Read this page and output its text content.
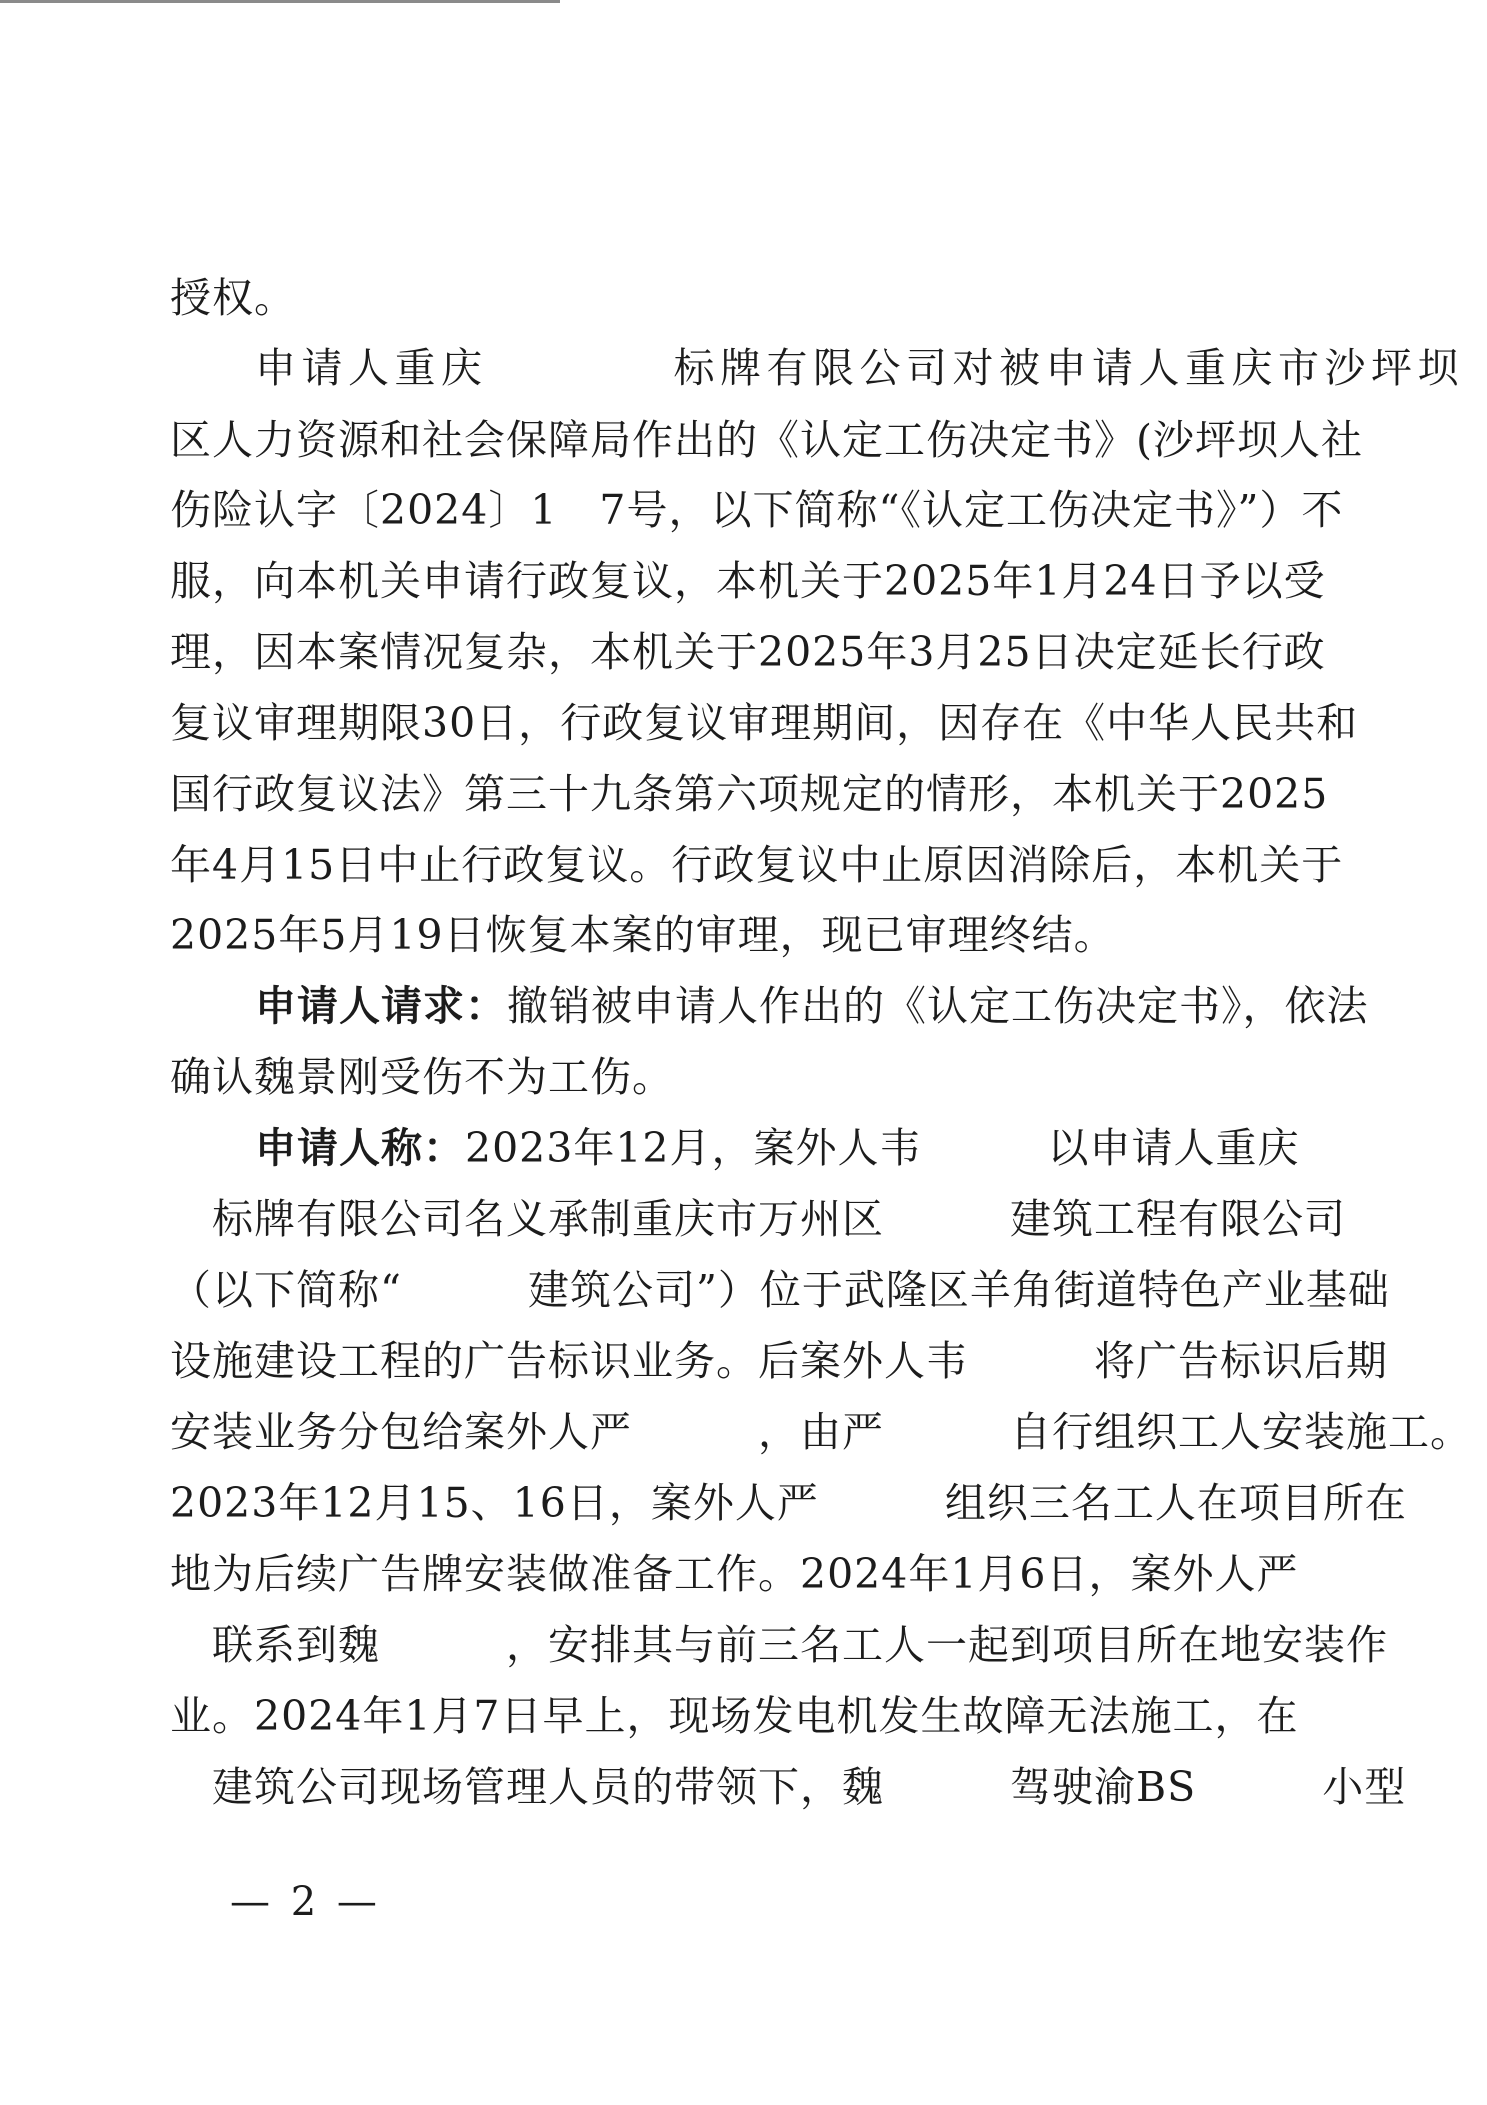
授权。
申请人重庆　　　　标牌有限公司对被申请人重庆市沙坪坝
区人力资源和社会保障局作出的《认定工伤决定书》(沙坪坝人社
伤险认字〔2024〕1　7号，以下简称“《认定工伤决定书》”）不
服，向本机关申请行政复议，本机关于2025年1月24日予以受
理，因本案情况复杂，本机关于2025年3月25日决定延长行政
复议审理期限30日，行政复议审理期间，因存在《中华人民共和
国行政复议法》第三十九条第六项规定的情形，本机关于2025
年4月15日中止行政复议。行政复议中止原因消除后，本机关于
2025年5月19日恢复本案的审理，现已审理终结。
申请人请求：撤销被申请人作出的《认定工伤决定书》，依法
确认魏景刚受伤不为工伤。
申请人称：2023年12月，案外人韦　　　以申请人重庆
　标牌有限公司名义承制重庆市万州区　　　建筑工程有限公司
（以下简称“　　　建筑公司”）位于武隆区羊角街道特色产业基础
设施建设工程的广告标识业务。后案外人韦　　　将广告标识后期
安装业务分包给案外人严　　　，由严　　　自行组织工人安装施工。
2023年12月15、16日，案外人严　　　组织三名工人在项目所在
地为后续广告牌安装做准备工作。2024年1月6日，案外人严
　联系到魏　　　，安排其与前三名工人一起到项目所在地安装作
业。2024年1月7日早上，现场发电机发生故障无法施工，在
　建筑公司现场管理人员的带领下，魏　　　驾驶渝BS　　　小型
— 2 —
